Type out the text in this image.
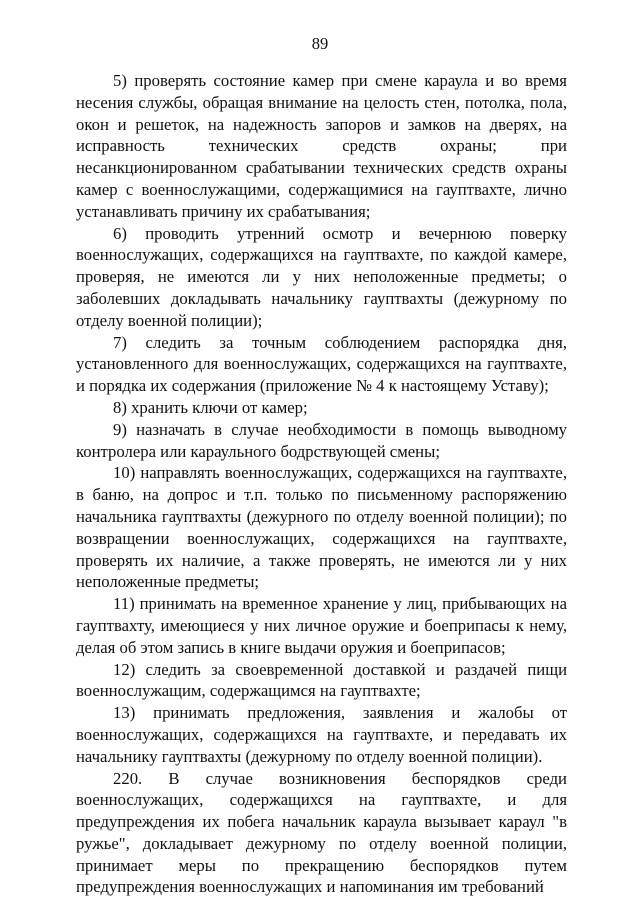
89

5) проверять состояние камер при смене караула и во время несения службы, обращая внимание на целость стен, потолка, пола, окон и решеток, на надежность запоров и замков на дверях, на исправность технических средств охраны; при несанкционированном срабатывании технических средств охраны камер с военнослужащими, содержащимися на гауптвахте, лично устанавливать причину их срабатывания;

6) проводить утренний осмотр и вечернюю поверку военнослужащих, содержащихся на гауптвахте, по каждой камере, проверяя, не имеются ли у них неположенные предметы; о заболевших докладывать начальнику гауптвахты (дежурному по отделу военной полиции);

7) следить за точным соблюдением распорядка дня, установленного для военнослужащих, содержащихся на гауптвахте, и порядка их содержания (приложение № 4 к настоящему Уставу);

8) хранить ключи от камер;

9) назначать в случае необходимости в помощь выводному контролера или караульного бодрствующей смены;

10) направлять военнослужащих, содержащихся на гауптвахте, в баню, на допрос и т.п. только по письменному распоряжению начальника гауптвахты (дежурного по отделу военной полиции); по возвращении военнослужащих, содержащихся на гауптвахте, проверять их наличие, а также проверять, не имеются ли у них неположенные предметы;

11) принимать на временное хранение у лиц, прибывающих на гауптвахту, имеющиеся у них личное оружие и боеприпасы к нему, делая об этом запись в книге выдачи оружия и боеприпасов;

12) следить за своевременной доставкой и раздачей пищи военнослужащим, содержащимся на гауптвахте;

13) принимать предложения, заявления и жалобы от военнослужащих, содержащихся на гауптвахте, и передавать их начальнику гауптвахты (дежурному по отделу военной полиции).

220. В случае возникновения беспорядков среди военнослужащих, содержащихся на гауптвахте, и для предупреждения их побега начальник караула вызывает караул "в ружье", докладывает дежурному по отделу военной полиции, принимает меры по прекращению беспорядков путем предупреждения военнослужащих и напоминания им требований
